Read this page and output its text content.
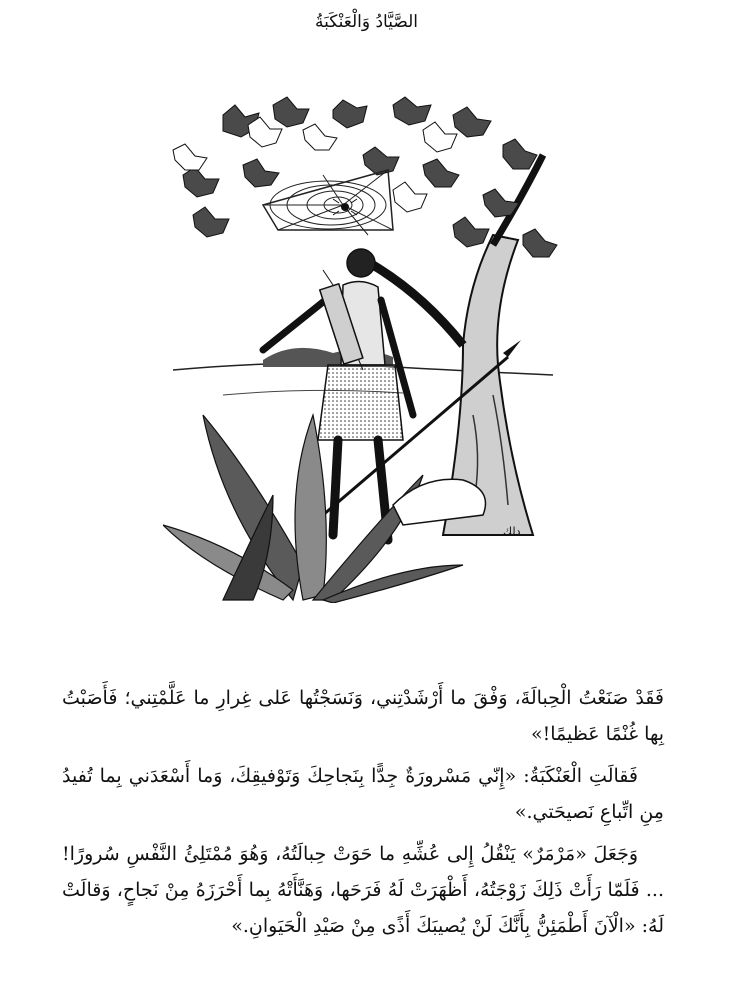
الصَّيَّادُ وَالْعَنْكَبَةُ
دلك

فَقَدْ صَنَعْتُ الْحِبالَةَ، وَفْقَ ما أَرْشَدْتِني، وَنَسَجْتُها عَلى غِرارِ ما عَلَّمْتِني؛ فَأَصَبْتُ بِها غُنْمًا عَظيمًا!»

فَقالَتِ الْعَنْكَبَةُ: «إِنّي مَسْرورَةٌ جِدًّا بِنَجاحِكَ وَتَوْفيقِكَ، وَما أَسْعَدَني بِما تُفيدُ مِنِ اتِّباعِ نَصيحَتي.»

وَجَعَلَ «مَرْمَرٌ» يَنْقُلُ إِلى عُشِّهِ ما حَوَتْ حِبالَتُهُ، وَهُوَ مُمْتَلِئُ النَّفْسِ سُرورًا! ... فَلَمّا رَأَتْ ذَلِكَ زَوْجَتُهُ، أَظْهَرَتْ لَهُ فَرَحَها، وَهَنَّأَتْهُ بِما أَحْرَزَهُ مِنْ نَجاحٍ، وَقالَتْ لَهُ: «الْآنَ أَطْمَئِنُّ بِأَنَّكَ لَنْ يُصيبَكَ أَذًى مِنْ صَيْدِ الْحَيَوانِ.»
